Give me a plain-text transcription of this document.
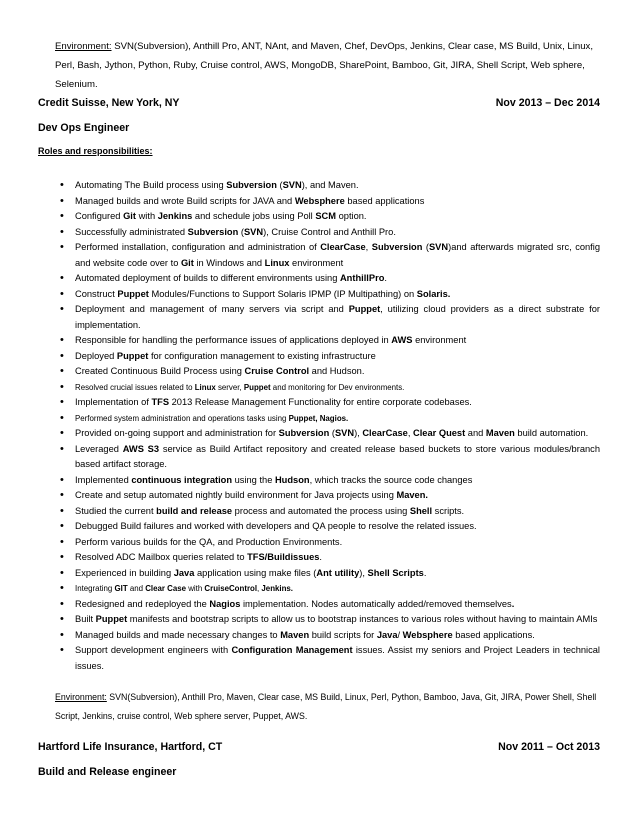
Environment: SVN(Subversion), Anthill Pro, ANT, NAnt, and Maven, Chef, DevOps, Jenkins, Clear case, MS Build, Unix, Linux, Perl, Bash, Jython, Python, Ruby, Cruise control, AWS, MongoDB, SharePoint, Bamboo, Git, JIRA, Shell Script, Web sphere, Selenium.
Credit Suisse, New York, NY	Nov 2013 – Dec 2014
Dev Ops Engineer
Roles and responsibilities:
• Automating The Build process using Subversion (SVN), and Maven.
• Managed builds and wrote Build scripts for JAVA and Websphere based applications
• Configured Git with Jenkins and schedule jobs using Poll SCM option.
• Successfully administrated Subversion (SVN), Cruise Control and Anthill Pro.
• Performed installation, configuration and administration of ClearCase, Subversion (SVN)and afterwards migrated src, config and website code over to Git in Windows and Linux environment
• Automated deployment of builds to different environments using AnthillPro.
• Construct Puppet Modules/Functions to Support Solaris IPMP (IP Multipathing) on Solaris.
• Deployment and management of many servers via script and Puppet, utilizing cloud providers as a direct substrate for implementation.
• Responsible for handling the performance issues of applications deployed in AWS environment
• Deployed Puppet for configuration management to existing infrastructure
• Created Continuous Build Process using Cruise Control and Hudson.
• Resolved crucial issues related to Linux server, Puppet and monitoring for Dev environments.
• Implementation of TFS 2013 Release Management Functionality for entire corporate codebases.
• Performed system administration and operations tasks using Puppet, Nagios.
• Provided on-going support and administration for Subversion (SVN), ClearCase, Clear Quest and Maven build automation.
• Leveraged AWS S3 service as Build Artifact repository and created release based buckets to store various modules/branch based artifact storage.
• Implemented continuous integration using the Hudson, which tracks the source code changes
• Create and setup automated nightly build environment for Java projects using Maven.
• Studied the current build and release process and automated the process using Shell scripts.
• Debugged Build failures and worked with developers and QA people to resolve the related issues.
• Perform various builds for the QA, and Production Environments.
• Resolved ADC Mailbox queries related to TFS/Buildissues.
• Experienced in building Java application using make files (Ant utility), Shell Scripts.
• Integrating GIT and Clear Case with CruiseControl, Jenkins.
• Redesigned and redeployed the Nagios implementation. Nodes automatically added/removed themselves.
• Built Puppet manifests and bootstrap scripts to allow us to bootstrap instances to various roles without having to maintain AMIs
• Managed builds and made necessary changes to Maven build scripts for Java/ Websphere based applications.
• Support development engineers with Configuration Management issues. Assist my seniors and Project Leaders in technical issues.
Environment: SVN(Subversion), Anthill Pro, Maven, Clear case, MS Build, Linux, Perl, Python, Bamboo, Java, Git, JIRA, Power Shell, Shell Script, Jenkins, cruise control, Web sphere server, Puppet, AWS.
Hartford Life Insurance, Hartford, CT	Nov 2011 – Oct 2013
Build and Release engineer
